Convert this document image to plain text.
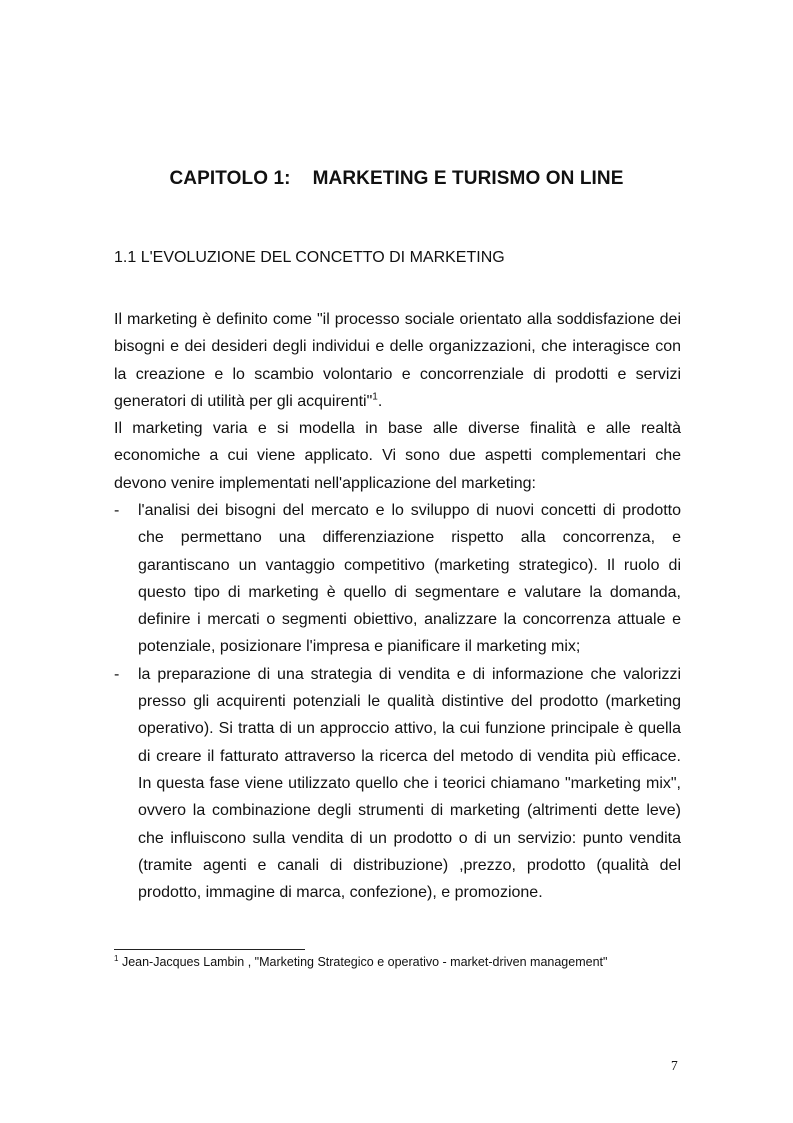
CAPITOLO 1: MARKETING E TURISMO ON LINE
1.1 L'EVOLUZIONE DEL CONCETTO DI MARKETING

Il marketing è definito come "il processo sociale orientato alla soddisfazione dei bisogni e dei desideri degli individui e delle organizzazioni, che interagisce con la creazione e lo scambio volontario e concorrenziale di prodotti e servizi generatori di utilità per gli acquirenti"$^1$.

Il marketing varia e si modella in base alle diverse finalità e alle realtà economiche a cui viene applicato. Vi sono due aspetti complementari che devono venire implementati nell'applicazione del marketing:

- l'analisi dei bisogni del mercato e lo sviluppo di nuovi concetti di prodotto che permettano una differenziazione rispetto alla concorrenza, e garantiscano un vantaggio competitivo (marketing strategico). Il ruolo di questo tipo di marketing è quello di segmentare e valutare la domanda, definire i mercati o segmenti obiettivo, analizzare la concorrenza attuale e potenziale, posizionare l'impresa e pianificare il marketing mix;
- la preparazione di una strategia di vendita e di informazione che valorizzi presso gli acquirenti potenziali le qualità distintive del prodotto (marketing operativo). Si tratta di un approccio attivo, la cui funzione principale è quella di creare il fatturato attraverso la ricerca del metodo di vendita più efficace. In questa fase viene utilizzato quello che i teorici chiamano "marketing mix", ovvero la combinazione degli strumenti di marketing (altrimenti dette leve) che influiscono sulla vendita di un prodotto o di un servizio: punto vendita (tramite agenti e canali di distribuzione) ,prezzo, prodotto (qualità del prodotto, immagine di marca, confezione), e promozione.
$^1$ Jean-Jacques Lambin , "Marketing Strategico e operativo - market-driven management"
7
